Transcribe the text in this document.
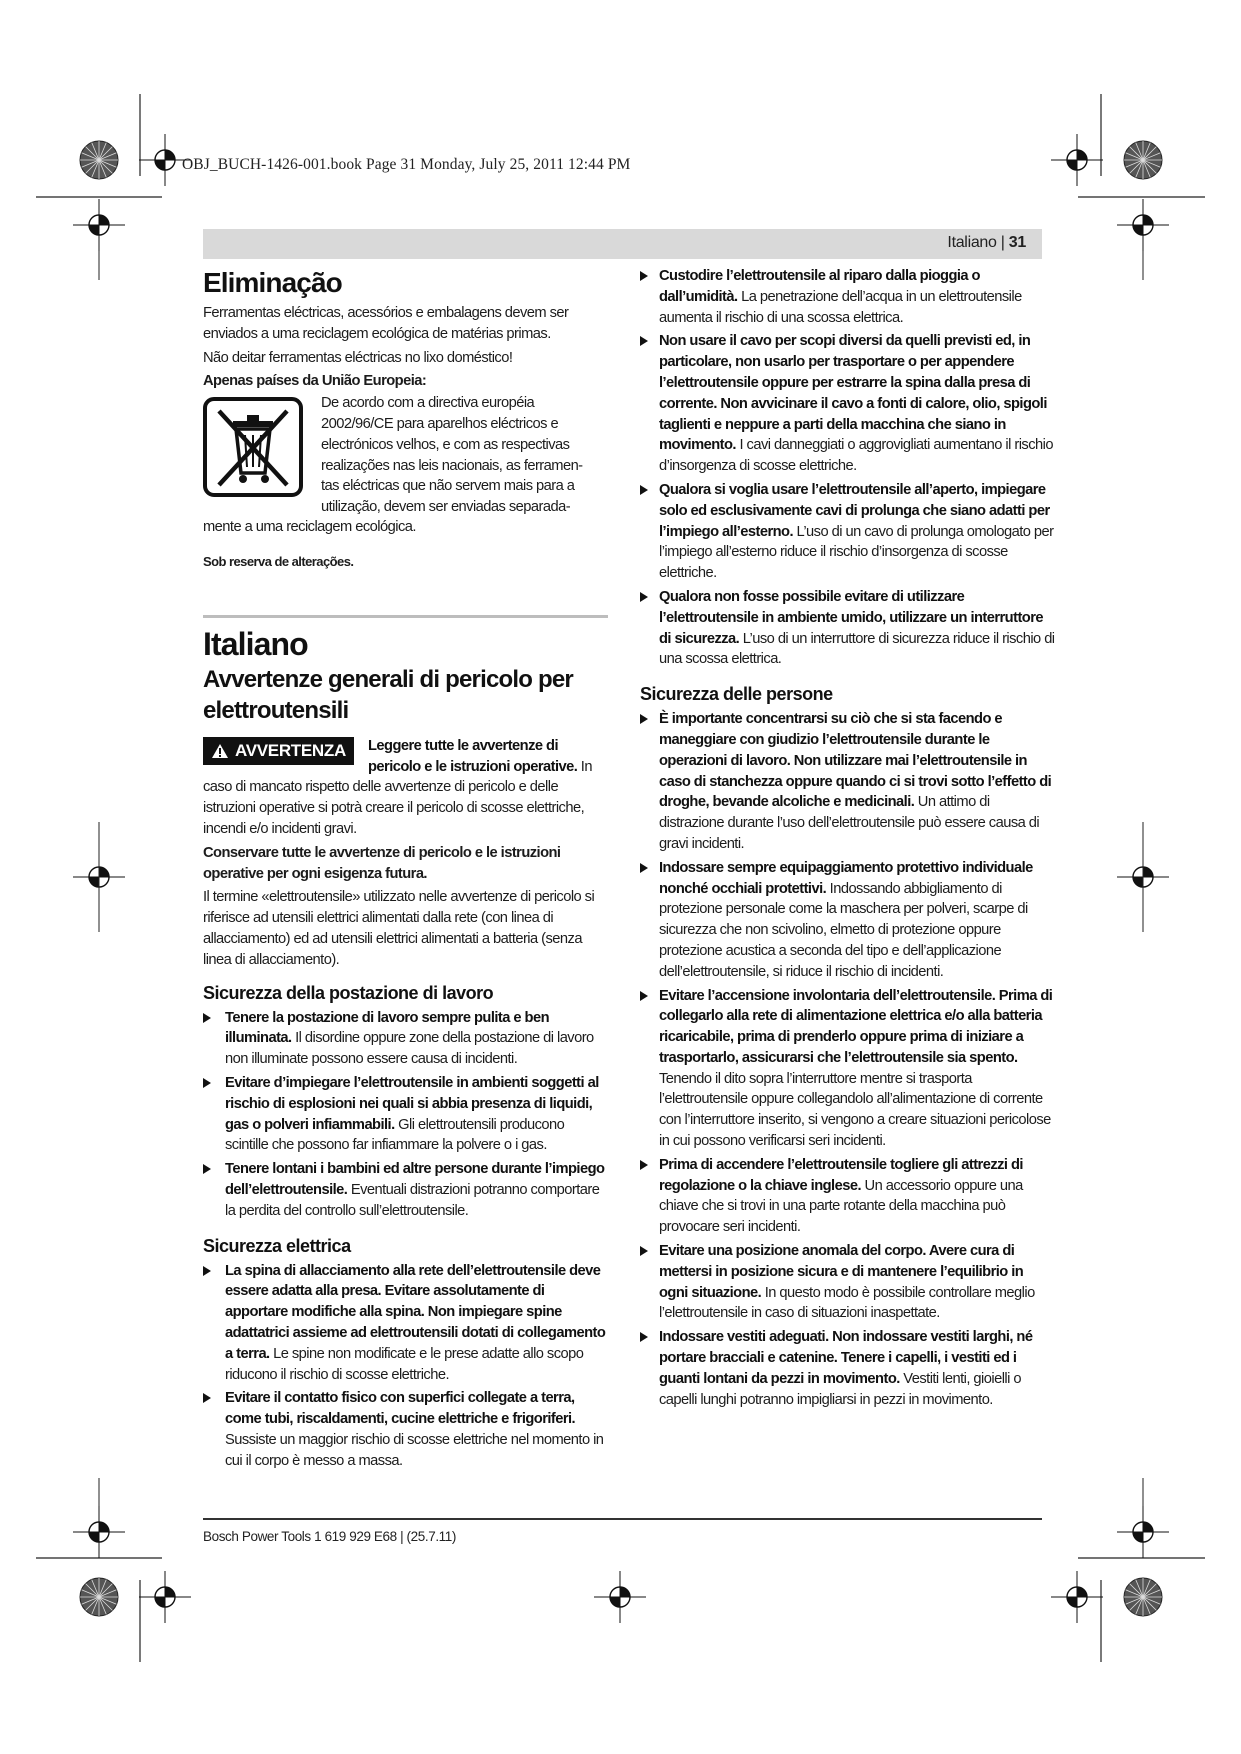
OBJ_BUCH-1426-001.book Page 31 Monday, July 25, 2011 12:44 PM
Italiano | 31
Eliminação

Ferramentas eléctricas, acessórios e embalagens devem ser enviados a uma reciclagem ecológica de matérias primas.

Não deitar ferramentas eléctricas no lixo doméstico!

Apenas países da União Europeia:

De acordo com a directiva européia

2002/96/CE para aparelhos eléctricos e

electrónicos velhos, e com as respectivas

realizações nas leis nacionais, as ferramen-

tas eléctricas que não servem mais para a

utilização, devem ser enviadas separada-

mente a uma reciclagem ecológica.

Sob reserva de alterações.

Italiano
Avvertenze generali di pericolo per elettroutensili
AVVERTENZA	Leggere tutte le avvertenze di pericolo e le istruzioni operative. In caso di mancato rispetto delle avvertenze di pericolo e delle istruzioni operative si potrà creare il pericolo di scosse elettriche, incendi e/o incidenti gravi.

Conservare tutte le avvertenze di pericolo e le istruzioni operative per ogni esigenza futura.

Il termine «elettroutensile» utilizzato nelle avvertenze di pericolo si riferisce ad utensili elettrici alimentati dalla rete (con linea di allacciamento) ed ad utensili elettrici alimentati a batteria (senza linea di allacciamento).

Sicurezza della postazione di lavoro

Tenere la postazione di lavoro sempre pulita e ben illuminata. Il disordine oppure zone della postazione di lavoro non illuminate possono essere causa di incidenti.

Evitare d’impiegare l’elettroutensile in ambienti soggetti al rischio di esplosioni nei quali si abbia presenza di liquidi, gas o polveri infiammabili. Gli elettroutensili producono scintille che possono far infiammare la polvere o i gas.

Tenere lontani i bambini ed altre persone durante l’impiego dell’elettroutensile. Eventuali distrazioni potranno comportare la perdita del controllo sull’elettroutensile.

Sicurezza elettrica

La spina di allacciamento alla rete dell’elettroutensile deve essere adatta alla presa. Evitare assolutamente di apportare modifiche alla spina. Non impiegare spine adattatrici assieme ad elettroutensili dotati di collegamento a terra. Le spine non modificate e le prese adatte allo scopo riducono il rischio di scosse elettriche.

Evitare il contatto fisico con superfici collegate a terra, come tubi, riscaldamenti, cucine elettriche e frigoriferi. Sussiste un maggior rischio di scosse elettriche nel momento in cui il corpo è messo a massa.

Custodire l’elettroutensile al riparo dalla pioggia o dall’umidità. La penetrazione dell’acqua in un elettroutensile aumenta il rischio di una scossa elettrica.

Non usare il cavo per scopi diversi da quelli previsti ed, in particolare, non usarlo per trasportare o per appendere l’elettroutensile oppure per estrarre la spina dalla presa di corrente. Non avvicinare il cavo a fonti di calore, olio, spigoli taglienti e neppure a parti della macchina che siano in movimento. I cavi danneggiati o aggrovigliati aumentano il rischio d’insorgenza di scosse elettriche.

Qualora si voglia usare l’elettroutensile all’aperto, impiegare solo ed esclusivamente cavi di prolunga che siano adatti per l’impiego all’esterno. L’uso di un cavo di prolunga omologato per l’impiego all’esterno riduce il rischio d’insorgenza di scosse elettriche.

Qualora non fosse possibile evitare di utilizzare l’elettroutensile in ambiente umido, utilizzare un interruttore di sicurezza. L’uso di un interruttore di sicurezza riduce il rischio di una scossa elettrica.

Sicurezza delle persone

È importante concentrarsi su ciò che si sta facendo e maneggiare con giudizio l’elettroutensile durante le operazioni di lavoro. Non utilizzare mai l’elettroutensile in caso di stanchezza oppure quando ci si trovi sotto l’effetto di droghe, bevande alcoliche e medicinali. Un attimo di distrazione durante l’uso dell’elettroutensile può essere causa di gravi incidenti.

Indossare sempre equipaggiamento protettivo individuale nonché occhiali protettivi. Indossando abbigliamento di protezione personale come la maschera per polveri, scarpe di sicurezza che non scivolino, elmetto di protezione oppure protezione acustica a seconda del tipo e dell’applicazione dell’elettroutensile, si riduce il rischio di incidenti.

Evitare l’accensione involontaria dell’elettroutensile. Prima di collegarlo alla rete di alimentazione elettrica e/o alla batteria ricaricabile, prima di prenderlo oppure prima di iniziare a trasportarlo, assicurarsi che l’elettroutensile sia spento. Tenendo il dito sopra l’interruttore mentre si trasporta l’elettroutensile oppure collegandolo all’alimentazione di corrente con l’interruttore inserito, si vengono a creare situazioni pericolose in cui possono verificarsi seri incidenti.

Prima di accendere l’elettroutensile togliere gli attrezzi di regolazione o la chiave inglese. Un accessorio oppure una chiave che si trovi in una parte rotante della macchina può provocare seri incidenti.

Evitare una posizione anomala del corpo. Avere cura di mettersi in posizione sicura e di mantenere l’equilibrio in ogni situazione. In questo modo è possibile controllare meglio l’elettroutensile in caso di situazioni inaspettate.

Indossare vestiti adeguati. Non indossare vestiti larghi, né portare bracciali e catenine. Tenere i capelli, i vestiti ed i guanti lontani da pezzi in movimento. Vestiti lenti, gioielli o capelli lunghi potranno impigliarsi in pezzi in movimento.

Bosch Power Tools 1 619 929 E68 | (25.7.11)
